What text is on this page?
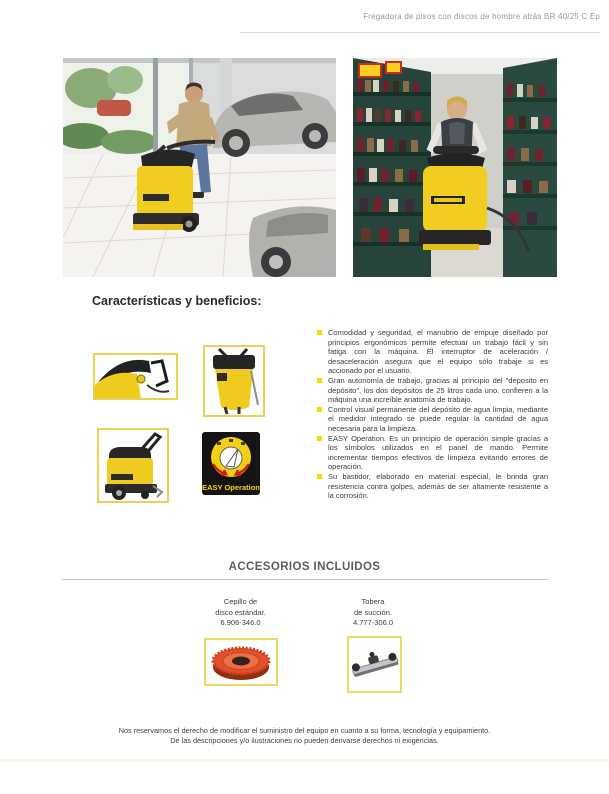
Fregadora de pisos con discos de hombre atrás BR 40/25 C Ep
Características y beneficios:
EASY Operation

Comodidad y seguridad, el manubrio de empuje diseñado por principios ergonómicos permite efectuar un trabajo fácil y sin fatiga con la máquina. El interruptor de aceleración / desaceleración asegura que el equipo sólo trabaje si es accionado por el usuario.

Gran autonomía de trabajo, gracias al principio del "deposito en depósito", los dos depósitos de 25 litros cada uno, confieren a la máquina una increíble anatomía de trabajo.

Control visual permanente del depósito de agua limpia, mediante el medidor integrado se puede regular la cantidad de agua necesaria para la limpieza.

EASY Operation. Es un principio de operación simple gracias a los símbolos utilizados en el panel de mando. Permite incrementar tiempos efectivos de limpieza evitando errores de operación.

Su bastidor, elaborado en material especial, le brinda gran resistencia contra golpes, además de ser altamente resistente a la corrosión.

ACCESORIOS INCLUIDOS
Cepillo de
disco estándar.
6.906-346.0
Tobera
de succión.
4.777-306.0
Nos reservamos el derecho de modificar el suministro del equipo en cuanto a su forma, tecnología y equipamiento.
De las descripciones y/o ilustraciones no pueden derivarse derechos ni exigencias.
